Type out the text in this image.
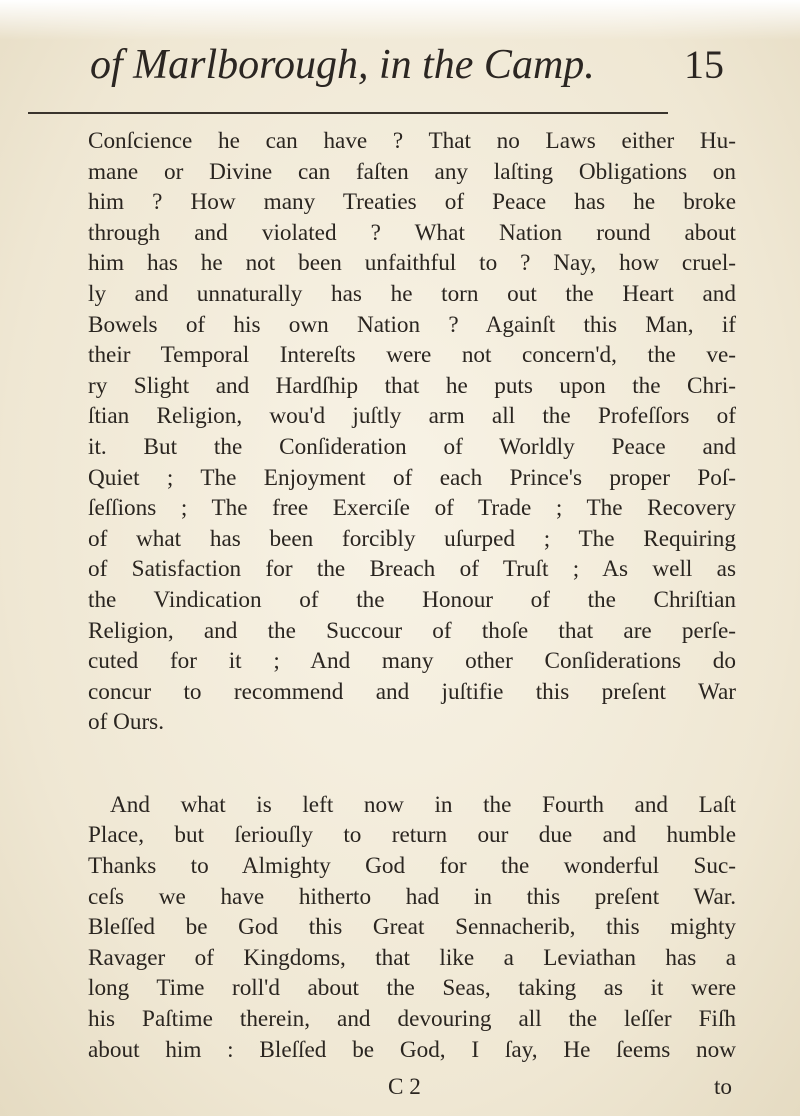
of Marlborough, in the Camp. 15
Conſcience he can have ? That no Laws either Hu-
mane or Divine can faſten any laſting Obligations on
him ? How many Treaties of Peace has he broke
through and violated ? What Nation round about
him has he not been unfaithful to ? Nay, how cruel-
ly and unnaturally has he torn out the Heart and
Bowels of his own Nation ? Againſt this Man, if
their Temporal Intereſts were not concern'd, the ve-
ry Slight and Hardſhip that he puts upon the Chri-
ſtian Religion, wou'd juſtly arm all the Profeſſors of
it. But the Conſideration of Worldly Peace and
Quiet ; The Enjoyment of each Prince's proper Poſ-
ſeſſions ; The free Exerciſe of Trade ; The Recovery
of what has been forcibly uſurped ; The Requiring
of Satisfaction for the Breach of Truſt ; As well as
the Vindication of the Honour of the Chriſtian
Religion, and the Succour of thoſe that are perſe-
cuted for it ; And many other Conſiderations do
concur to recommend and juſtifie this preſent War
of Ours.
And what is left now in the Fourth and Laſt
Place, but ſeriouſly to return our due and humble
Thanks to Almighty God for the wonderful Suc-
ceſs we have hitherto had in this preſent War.
Bleſſed be God this Great Sennacherib, this mighty
Ravager of Kingdoms, that like a Leviathan has a
long Time roll'd about the Seas, taking as it were
his Paſtime therein, and devouring all the leſſer Fiſh
about him : Bleſſed be God, I ſay, He ſeems now
C 2	to
